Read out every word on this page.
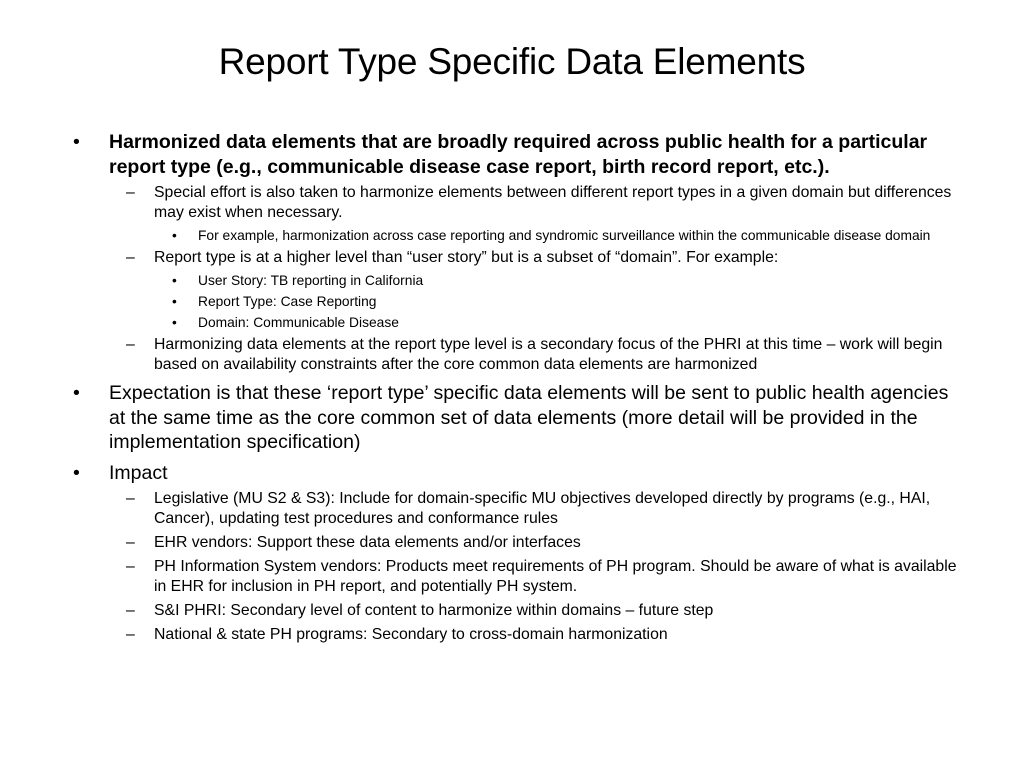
Report Type Specific Data Elements
• Harmonized data elements that are broadly required across public health for a particular report type (e.g., communicable disease case report, birth record report, etc.).
– Special effort is also taken to harmonize elements between different report types in a given domain but differences may exist when necessary.
• For example, harmonization across case reporting and syndromic surveillance within the communicable disease domain
– Report type is at a higher level than “user story” but is a subset of “domain”. For example:
• User Story: TB reporting in California
• Report Type: Case Reporting
• Domain: Communicable Disease
– Harmonizing data elements at the report type level is a secondary focus of the PHRI at this time – work will begin based on availability constraints after the core common data elements are harmonized
• Expectation is that these ‘report type’ specific data elements will be sent to public health agencies at the same time as the core common set of data elements (more detail will be provided in the implementation specification)
• Impact
– Legislative (MU S2 & S3): Include for domain-specific MU objectives developed directly by programs (e.g., HAI, Cancer), updating test procedures and conformance rules
– EHR vendors: Support these data elements and/or interfaces
– PH Information System vendors: Products meet requirements of PH program. Should be aware of what is available in EHR for inclusion in PH report, and potentially PH system.
– S&I PHRI: Secondary level of content to harmonize within domains – future step
– National & state PH programs: Secondary to cross-domain harmonization
